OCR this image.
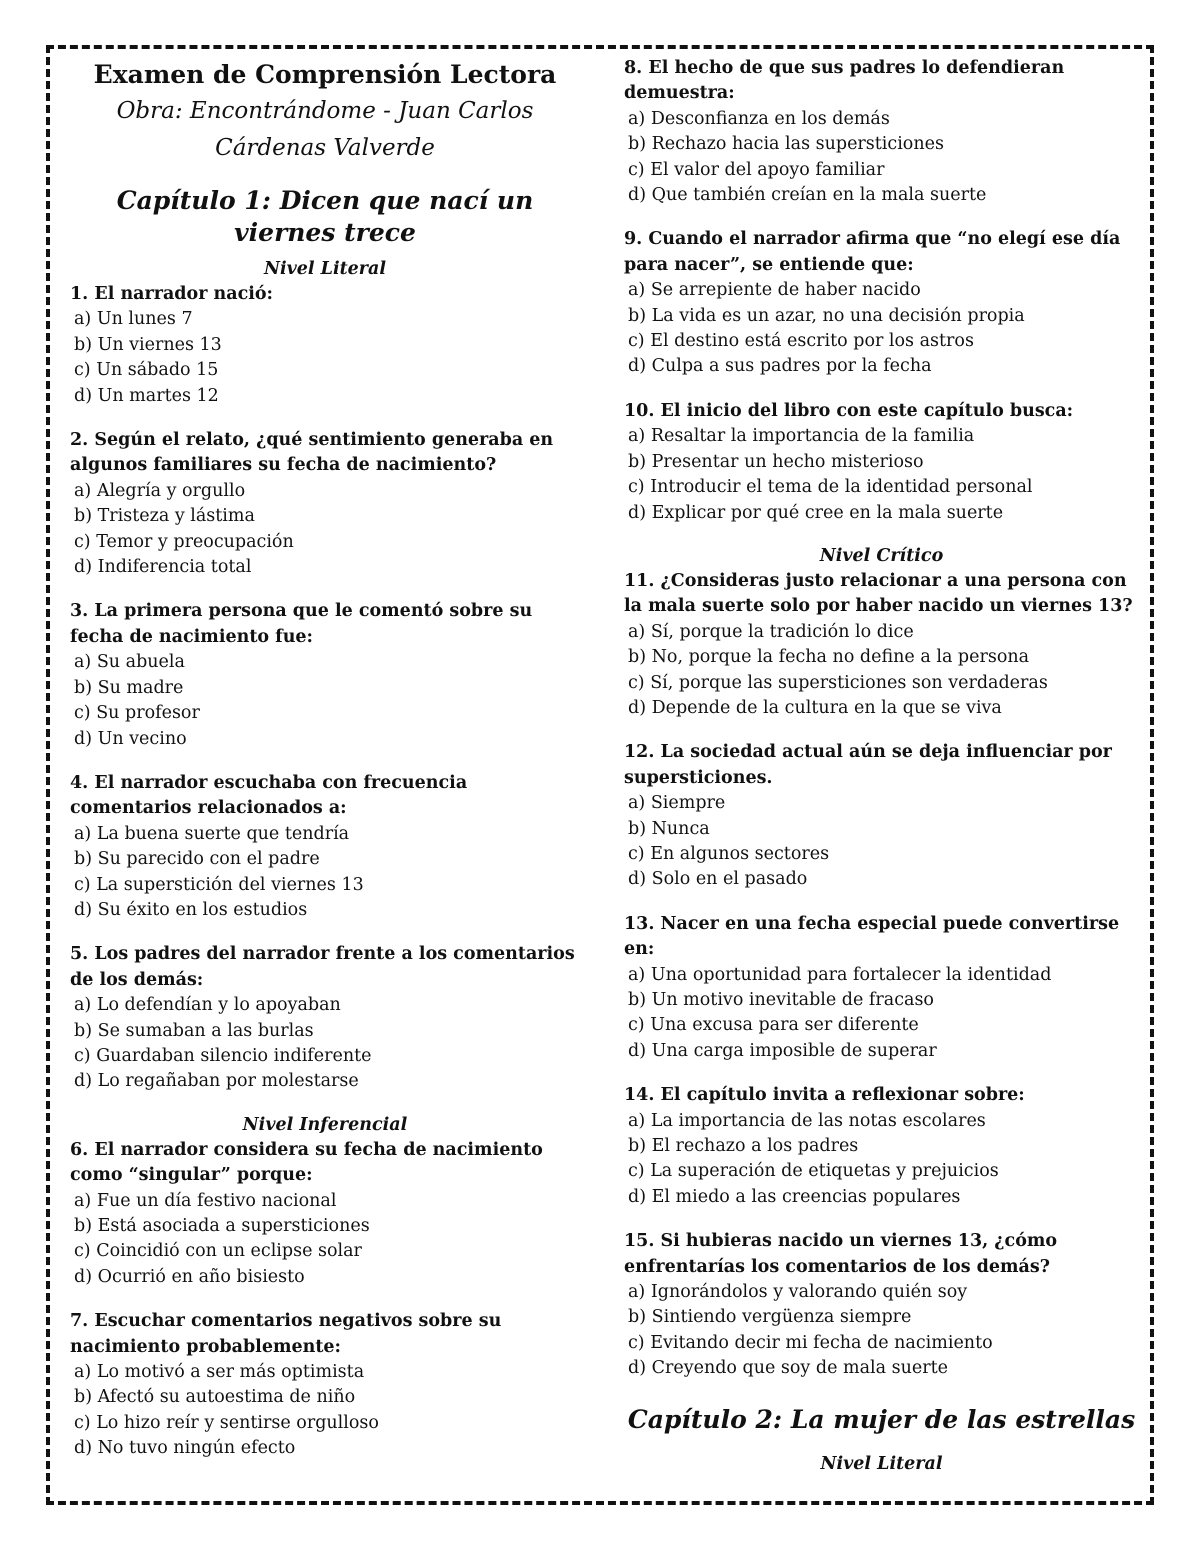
Examen de Comprensión Lectora
Obra: Encontrándome - Juan Carlos Cárdenas Valverde
Capítulo 1: Dicen que nací un viernes trece
Nivel Literal
1. El narrador nació:
a) Un lunes 7
b) Un viernes 13
c) Un sábado 15
d) Un martes 12
2. Según el relato, ¿qué sentimiento generaba en algunos familiares su fecha de nacimiento?
a) Alegría y orgullo
b) Tristeza y lástima
c) Temor y preocupación
d) Indiferencia total
3. La primera persona que le comentó sobre su fecha de nacimiento fue:
a) Su abuela
b) Su madre
c) Su profesor
d) Un vecino
4. El narrador escuchaba con frecuencia comentarios relacionados a:
a) La buena suerte que tendría
b) Su parecido con el padre
c) La superstición del viernes 13
d) Su éxito en los estudios
5. Los padres del narrador frente a los comentarios de los demás:
a) Lo defendían y lo apoyaban
b) Se sumaban a las burlas
c) Guardaban silencio indiferente
d) Lo regañaban por molestarse
Nivel Inferencial
6. El narrador considera su fecha de nacimiento como “singular” porque:
a) Fue un día festivo nacional
b) Está asociada a supersticiones
c) Coincidió con un eclipse solar
d) Ocurrió en año bisiesto
7. Escuchar comentarios negativos sobre su nacimiento probablemente:
a) Lo motivó a ser más optimista
b) Afectó su autoestima de niño
c) Lo hizo reír y sentirse orgulloso
d) No tuvo ningún efecto
8. El hecho de que sus padres lo defendieran demuestra:
a) Desconfianza en los demás
b) Rechazo hacia las supersticiones
c) El valor del apoyo familiar
d) Que también creían en la mala suerte
9. Cuando el narrador afirma que “no elegí ese día para nacer”, se entiende que:
a) Se arrepiente de haber nacido
b) La vida es un azar, no una decisión propia
c) El destino está escrito por los astros
d) Culpa a sus padres por la fecha
10. El inicio del libro con este capítulo busca:
a) Resaltar la importancia de la familia
b) Presentar un hecho misterioso
c) Introducir el tema de la identidad personal
d) Explicar por qué cree en la mala suerte
Nivel Crítico
11. ¿Consideras justo relacionar a una persona con la mala suerte solo por haber nacido un viernes 13?
a) Sí, porque la tradición lo dice
b) No, porque la fecha no define a la persona
c) Sí, porque las supersticiones son verdaderas
d) Depende de la cultura en la que se viva
12. La sociedad actual aún se deja influenciar por supersticiones.
a) Siempre
b) Nunca
c) En algunos sectores
d) Solo en el pasado
13. Nacer en una fecha especial puede convertirse en:
a) Una oportunidad para fortalecer la identidad
b) Un motivo inevitable de fracaso
c) Una excusa para ser diferente
d) Una carga imposible de superar
14. El capítulo invita a reflexionar sobre:
a) La importancia de las notas escolares
b) El rechazo a los padres
c) La superación de etiquetas y prejuicios
d) El miedo a las creencias populares
15. Si hubieras nacido un viernes 13, ¿cómo enfrentarías los comentarios de los demás?
a) Ignorándolos y valorando quién soy
b) Sintiendo vergüenza siempre
c) Evitando decir mi fecha de nacimiento
d) Creyendo que soy de mala suerte
Capítulo 2: La mujer de las estrellas
Nivel Literal
